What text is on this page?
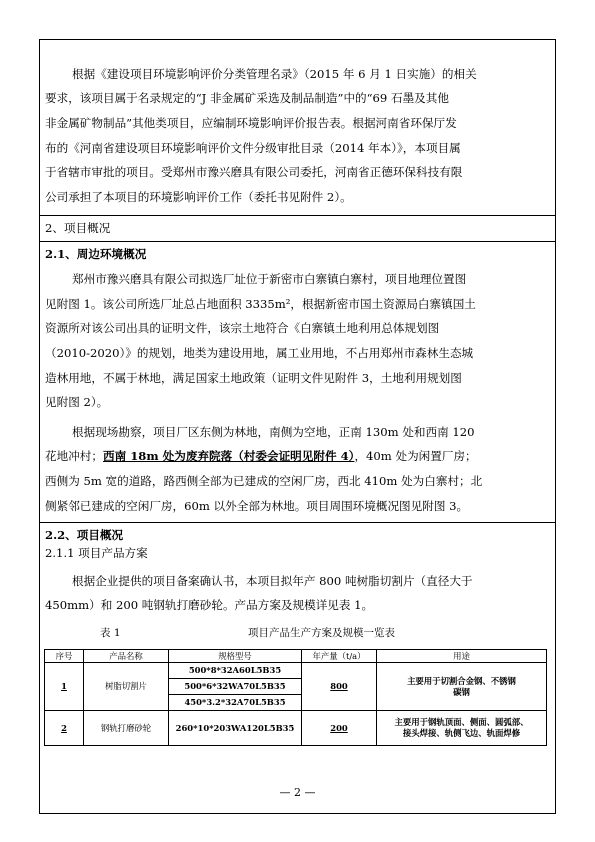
根据《建设项目环境影响评价分类管理名录》（2015 年 6 月 1 日实施）的相关
要求，该项目属于名录规定的“J 非金属矿采选及制品制造”中的“69 石墨及其他
非金属矿物制品”其他类项目，应编制环境影响评价报告表。根据河南省环保厅发
布的《河南省建设项目环境影响评价文件分级审批目录（2014 年本）》，本项目属
于省辖市审批的项目。受郑州市豫兴磨具有限公司委托，河南省正德环保科技有限
公司承担了本项目的环境影响评价工作（委托书见附件 2）。
2、项目概况
2.1、周边环境概况
郑州市豫兴磨具有限公司拟选厂址位于新密市白寨镇白寨村，项目地理位置图
见附图 1。该公司所选厂址总占地面积 3335m²，根据新密市国土资源局白寨镇国土
资源所对该公司出具的证明文件，该宗土地符合《白寨镇土地利用总体规划图
（2010-2020）》的规划，地类为建设用地，属工业用地，不占用郑州市森林生态城
造林用地，不属于林地，满足国家土地政策（证明文件见附件 3，土地利用规划图
见附图 2）。
根据现场勘察，项目厂区东侧为林地，南侧为空地，正南 130m 处和西南 120
花地冲村；西南 18m 处为废弃院落（村委会证明见附件 4），40m 处为闲置厂房；
西侧为 5m 宽的道路，路西侧全部为已建成的空闲厂房，西北 410m 处为白寨村；北
侧紧邻已建成的空闲厂房，60m 以外全部为林地。项目周围环境概况图见附图 3。
2.2、项目概况
2.1.1 项目产品方案
根据企业提供的项目备案确认书，本项目拟年产 800 吨树脂切割片（直径大于
450mm）和 200 吨钢轨打磨砂轮。产品方案及规模详见表 1。
表 1	项目产品生产方案及规模一览表
序号	产品名称	规格型号	年产量（t/a）	用途
1	树脂切割片	500*8*32A60L5B35	800	主要用于切割合金钢、不锈钢
碳钢

		500*6*32WA70L5B35		
		450*3.2*32A70L5B35		
2	钢轨打磨砂轮	260*10*203WA120L5B35	200	主要用于钢轨顶面、侧面、圆弧部、
接头焊接、轨侧飞边、轨面焊修
— 2 —
